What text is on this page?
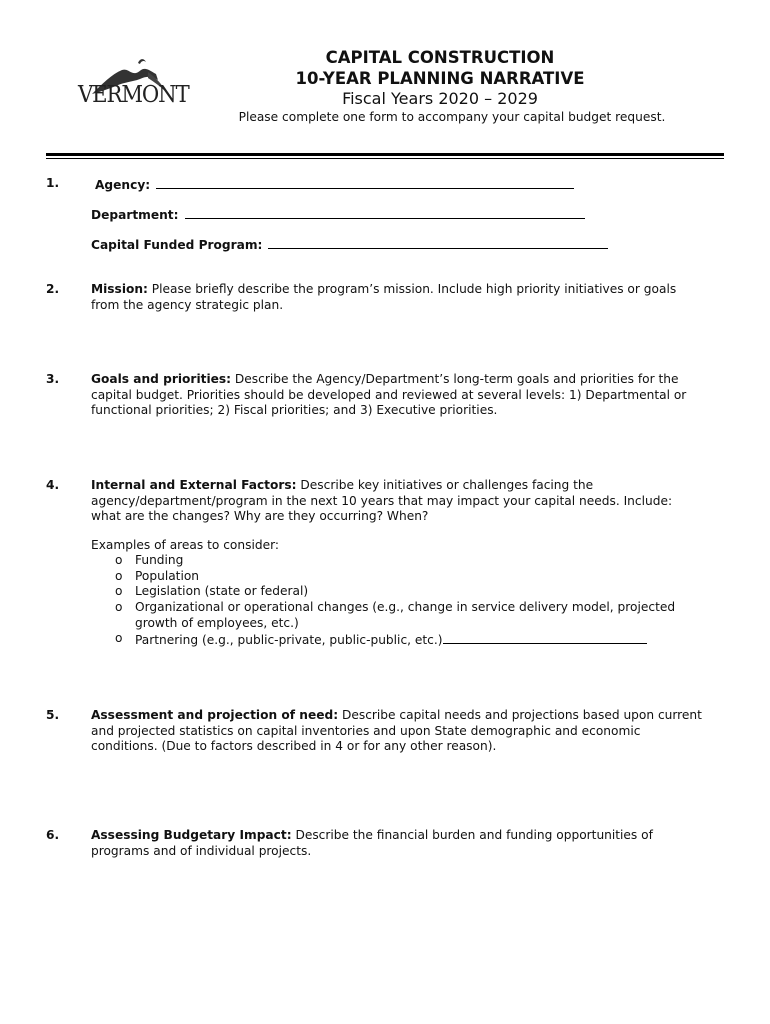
VERMONT
CAPITAL CONSTRUCTION
10-YEAR PLANNING NARRATIVE
Fiscal Years 2020 – 2029
Please complete one form to accompany your capital budget request.
1.	Agency:
Department:
Capital Funded Program:
2.	Mission: Please briefly describe the program’s mission. Include high priority initiatives or goals
from the agency strategic plan.
3.	Goals and priorities: Describe the Agency/Department’s long-term goals and priorities for the
capital budget. Priorities should be developed and reviewed at several levels: 1) Departmental or
functional priorities; 2) Fiscal priorities; and 3) Executive priorities.
4.	Internal and External Factors: Describe key initiatives or challenges facing the
agency/department/program in the next 10 years that may impact your capital needs. Include:
what are the changes? Why are they occurring? When?
Examples of areas to consider:
o Funding
o Population
o Legislation (state or federal)
o Organizational or operational changes (e.g., change in service delivery model, projected
growth of employees, etc.)
o Partnering (e.g., public-private, public-public, etc.)
5.	Assessment and projection of need: Describe capital needs and projections based upon current
and projected statistics on capital inventories and upon State demographic and economic
conditions. (Due to factors described in 4 or for any other reason).
6.	Assessing Budgetary Impact: Describe the financial burden and funding opportunities of
programs and of individual projects.
